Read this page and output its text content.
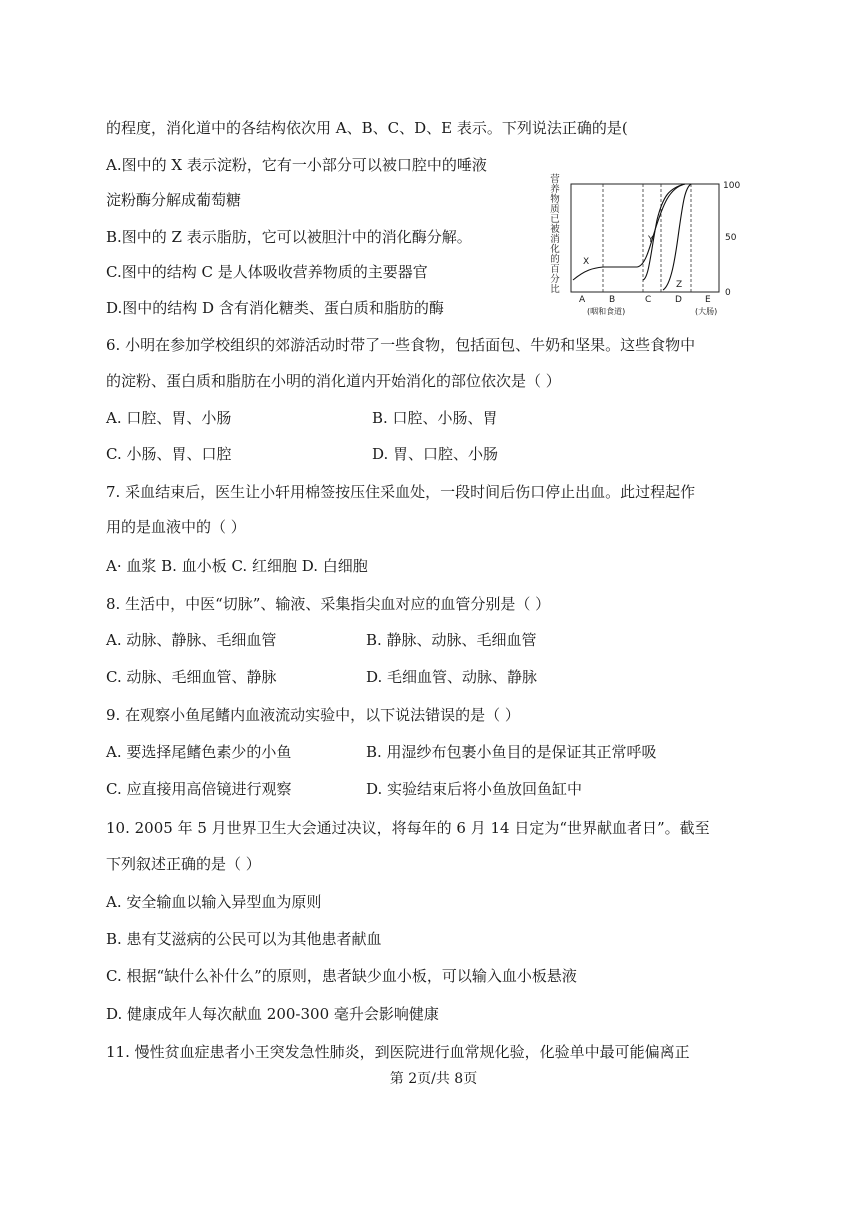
的程度，消化道中的各结构依次用 A、B、C、D、E 表示。下列说法正确的是(
A.图中的 X 表示淀粉，它有一小部分可以被口腔中的唾液
淀粉酶分解成葡萄糖
B.图中的 Z 表示脂肪，它可以被胆汁中的消化酶分解。
C.图中的结构 C 是人体吸收营养物质的主要器官
D.图中的结构 D 含有消化糖类、蛋白质和脂肪的酶
营养物质已被消化的百分比
X
Y
Z
100
50
0
A	B	C	D	E
(咽和食道)	(大肠)
6. 小明在参加学校组织的郊游活动时带了一些食物，包括面包、牛奶和坚果。这些食物中
的淀粉、蛋白质和脂肪在小明的消化道内开始消化的部位依次是（ ）
A. 口腔、胃、小肠	B. 口腔、小肠、胃
C. 小肠、胃、口腔	D. 胃、口腔、小肠
7. 采血结束后，医生让小轩用棉签按压住采血处，一段时间后伤口停止出血。此过程起作
用的是血液中的（ ）
A· 血浆 B. 血小板 C. 红细胞 D. 白细胞
8. 生活中，中医“切脉”、输液、采集指尖血对应的血管分别是（ ）
A. 动脉、静脉、毛细血管	B. 静脉、动脉、毛细血管
C. 动脉、毛细血管、静脉	D. 毛细血管、动脉、静脉
9. 在观察小鱼尾鳍内血液流动实验中，以下说法错误的是（ ）
A. 要选择尾鳍色素少的小鱼	B. 用湿纱布包裹小鱼目的是保证其正常呼吸
C. 应直接用高倍镜进行观察	D. 实验结束后将小鱼放回鱼缸中
10. 2005 年 5 月世界卫生大会通过决议，将每年的 6 月 14 日定为“世界献血者日”。截至
下列叙述正确的是（ ）
A. 安全输血以输入异型血为原则
B. 患有艾滋病的公民可以为其他患者献血
C. 根据“缺什么补什么”的原则，患者缺少血小板，可以输入血小板悬液
D. 健康成年人每次献血 200-300 毫升会影响健康
11. 慢性贫血症患者小王突发急性肺炎，到医院进行血常规化验，化验单中最可能偏离正
第 2页/共 8页
